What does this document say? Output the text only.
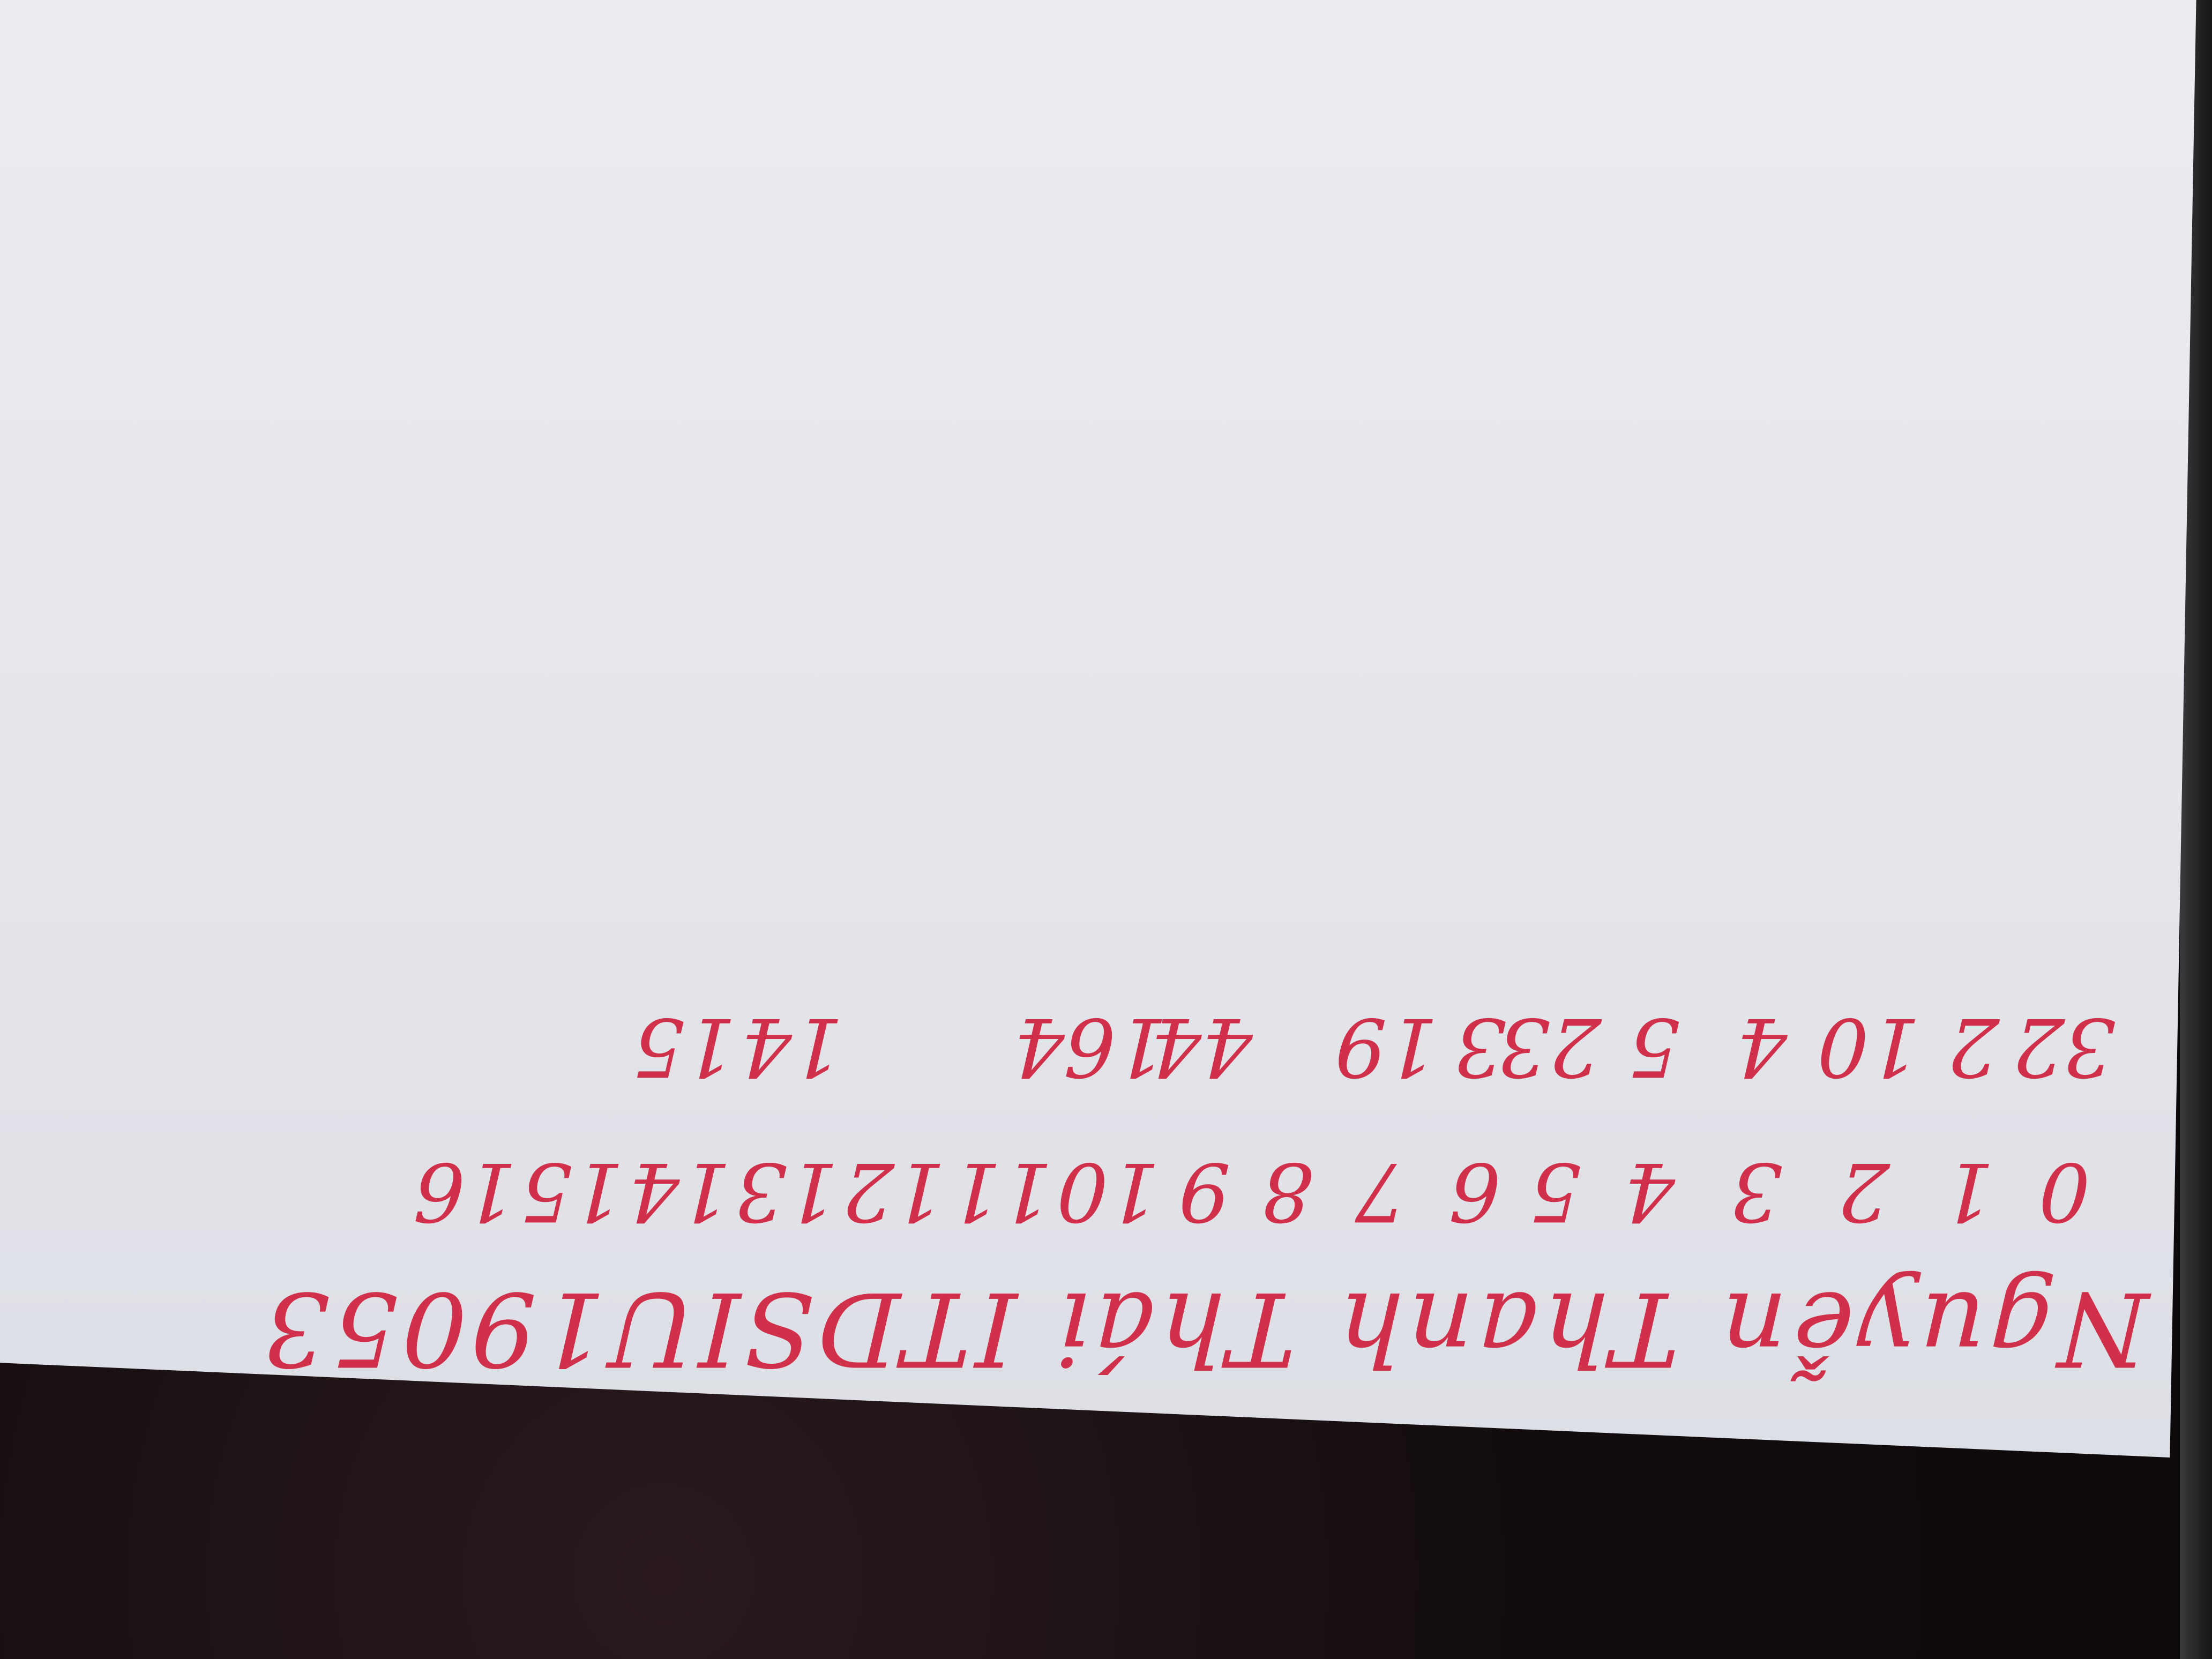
Nguyễn Thanh Thái ITDSIU19053
0
1
2
3
4
5
6
7
8
9
10
11
12
13
14
15
16
32
2
10
4
5
23
3
19
44
164
14
15
